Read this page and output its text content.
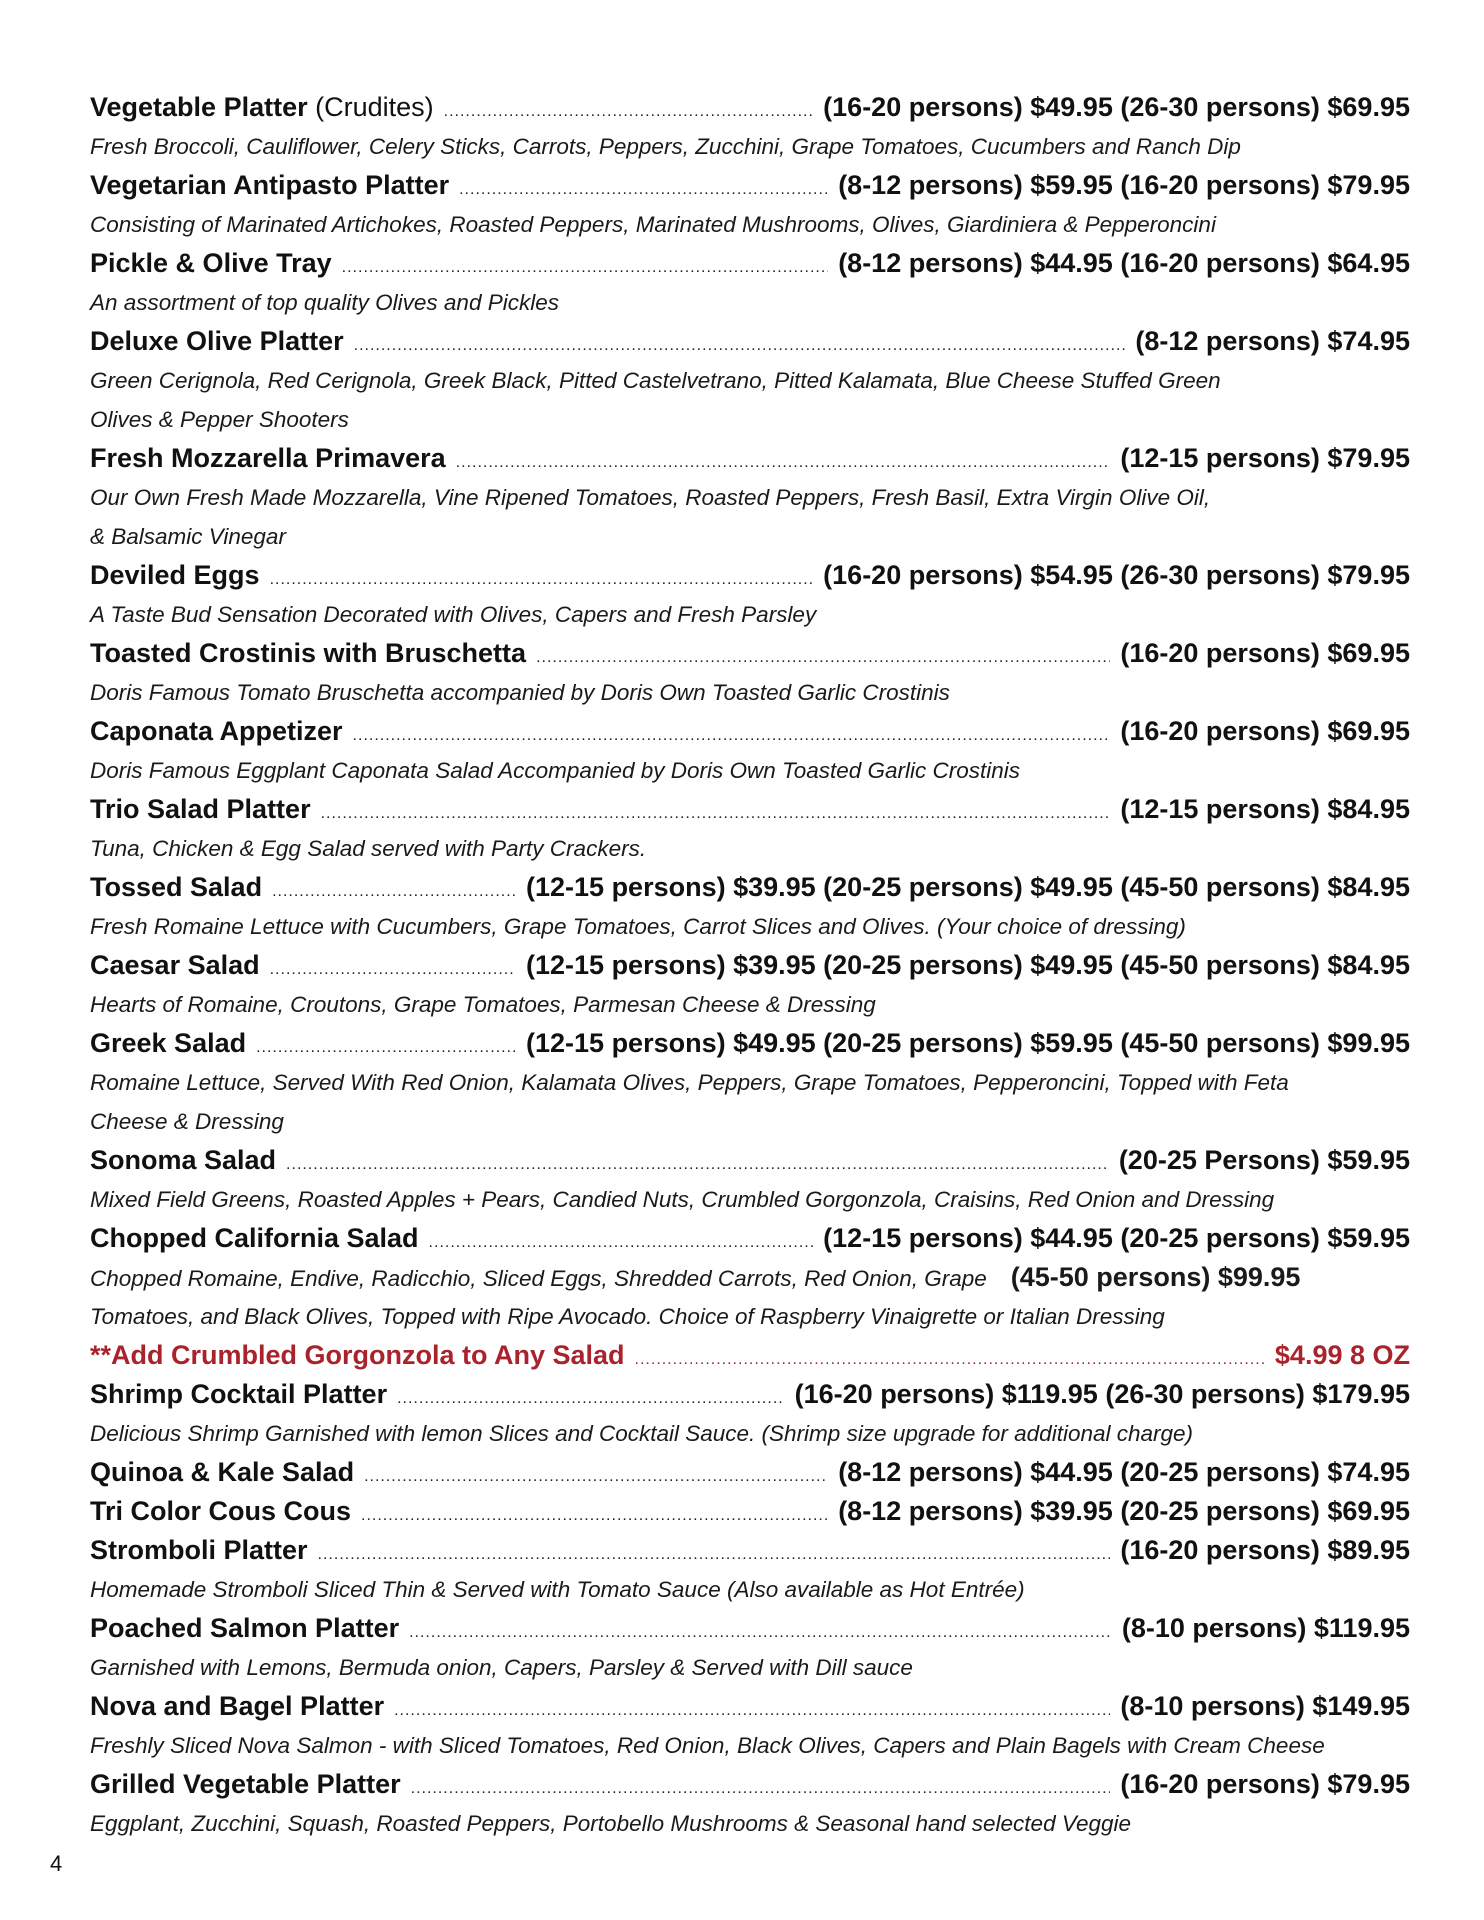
Vegetable Platter (Crudites) .....	(16-20 persons) $49.95 (26-30 persons) $69.95
Fresh Broccoli, Cauliflower, Celery Sticks, Carrots, Peppers, Zucchini, Grape Tomatoes, Cucumbers and Ranch Dip
Vegetarian Antipasto Platter .....	(8-12 persons) $59.95 (16-20 persons) $79.95
Consisting of Marinated Artichokes, Roasted Peppers, Marinated Mushrooms, Olives, Giardiniera & Pepperoncini
Pickle & Olive Tray .....	(8-12 persons) $44.95 (16-20 persons) $64.95
An assortment of top quality Olives and Pickles
Deluxe Olive Platter .....	(8-12 persons) $74.95
Green Cerignola, Red Cerignola, Greek Black, Pitted Castelvetrano, Pitted Kalamata, Blue Cheese Stuffed Green
Olives & Pepper Shooters
Fresh Mozzarella Primavera .....	(12-15 persons) $79.95
Our Own Fresh Made Mozzarella, Vine Ripened Tomatoes, Roasted Peppers, Fresh Basil, Extra Virgin Olive Oil,
& Balsamic Vinegar
Deviled Eggs .....	(16-20 persons) $54.95 (26-30 persons) $79.95
A Taste Bud Sensation Decorated with Olives, Capers and Fresh Parsley
Toasted Crostinis with Bruschetta .....	(16-20 persons) $69.95
Doris Famous Tomato Bruschetta accompanied by Doris Own Toasted Garlic Crostinis
Caponata Appetizer .....	(16-20 persons) $69.95
Doris Famous Eggplant Caponata Salad Accompanied by Doris Own Toasted Garlic Crostinis
Trio Salad Platter .....	(12-15 persons) $84.95
Tuna, Chicken & Egg Salad served with Party Crackers.
Tossed Salad .....	(12-15 persons) $39.95 (20-25 persons) $49.95 (45-50 persons) $84.95
Fresh Romaine Lettuce with Cucumbers, Grape Tomatoes, Carrot Slices and Olives. (Your choice of dressing)
Caesar Salad .....	(12-15 persons) $39.95 (20-25 persons) $49.95 (45-50 persons) $84.95
Hearts of Romaine, Croutons, Grape Tomatoes, Parmesan Cheese & Dressing
Greek Salad .....	(12-15 persons) $49.95 (20-25 persons) $59.95 (45-50 persons) $99.95
Romaine Lettuce, Served With Red Onion, Kalamata Olives, Peppers, Grape Tomatoes, Pepperoncini, Topped with Feta
Cheese & Dressing
Sonoma Salad .....	(20-25 Persons) $59.95
Mixed Field Greens, Roasted Apples + Pears, Candied Nuts, Crumbled Gorgonzola, Craisins, Red Onion and Dressing
Chopped California Salad .....	(12-15 persons) $44.95 (20-25 persons) $59.95
Chopped Romaine, Endive, Radicchio, Sliced Eggs, Shredded Carrots, Red Onion, Grape (45-50 persons) $99.95
Tomatoes, and Black Olives, Topped with Ripe Avocado. Choice of Raspberry Vinaigrette or Italian Dressing
**Add Crumbled Gorgonzola to Any Salad .....	$4.99 8 OZ
Shrimp Cocktail Platter .....	(16-20 persons) $119.95 (26-30 persons) $179.95
Delicious Shrimp Garnished with lemon Slices and Cocktail Sauce. (Shrimp size upgrade for additional charge)
Quinoa & Kale Salad .....	(8-12 persons) $44.95 (20-25 persons) $74.95
Tri Color Cous Cous .....	(8-12 persons) $39.95 (20-25 persons) $69.95
Stromboli Platter .....	(16-20 persons) $89.95
Homemade Stromboli Sliced Thin & Served with Tomato Sauce (Also available as Hot Entrée)
Poached Salmon Platter .....	(8-10 persons) $119.95
Garnished with Lemons, Bermuda onion, Capers, Parsley & Served with Dill sauce
Nova and Bagel Platter .....	(8-10 persons) $149.95
Freshly Sliced Nova Salmon - with Sliced Tomatoes, Red Onion, Black Olives, Capers and Plain Bagels with Cream Cheese
Grilled Vegetable Platter .....	(16-20 persons) $79.95
Eggplant, Zucchini, Squash, Roasted Peppers, Portobello Mushrooms & Seasonal hand selected Veggie
4
